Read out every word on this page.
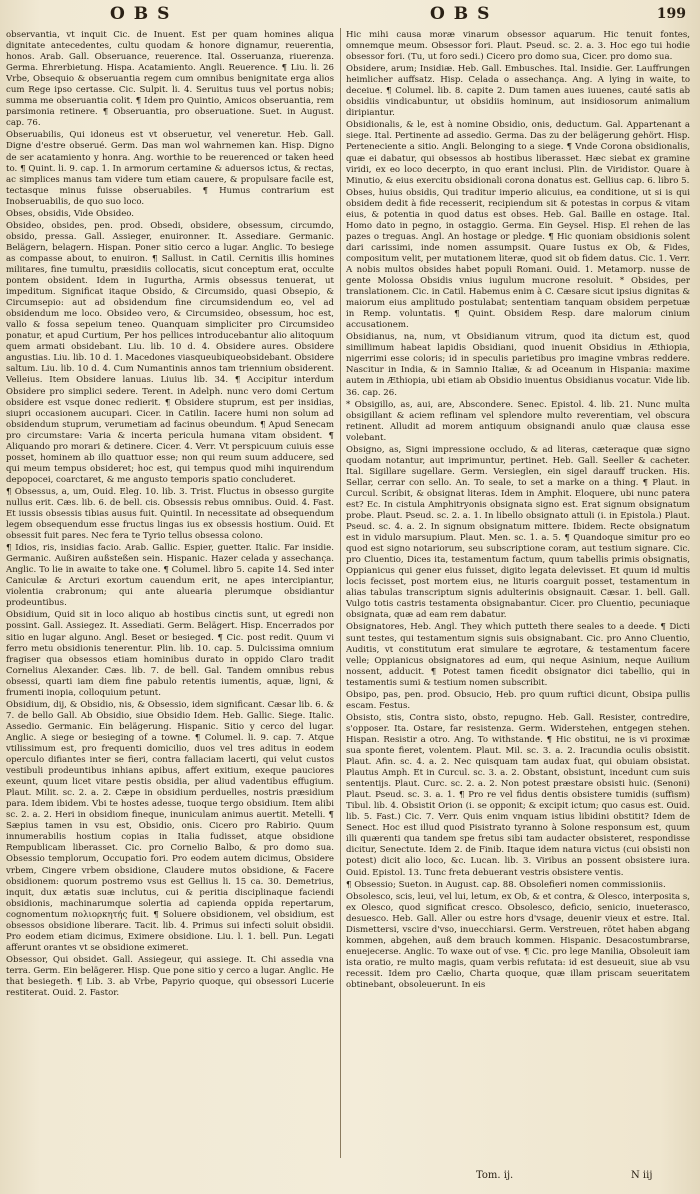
OBS	OBS	199

observantia, vt inquit Cic. de Inuent. Est per quam homines aliqua dignitate antecedentes, cultu quodam & honore dignamur, reuerentia, honos. Arab. Gall. Obseruance, reuerence. Ital. Osseruanza, riuerenza. Germa. Ehrerbietung. Hispa. Acatamiento. Angli. Reuerence. ¶ Liu. li. 26 Vrbe, Obsequio & obseruantia regem cum omnibus benignitate erga alios cum Rege ipso certasse. Cic. Sulpit. li. 4. Seruitus tuus vel portus nobis; summa me obseruantia colit. ¶ Idem pro Quintio, Amicos obseruantia, rem parsimonia retinere. ¶ Obseruantia, pro obseruatione. Suet. in August. cap. 76.

Obseruabilis, Qui idoneus est vt obseruetur, vel veneretur. Heb. Gall. Digne d'estre obserué. Germ. Das man wol wahrnemen kan. Hisp. Digno de ser acatamiento y honra. Ang. worthie to be reuerenced or taken heed to. ¶ Quint. li. 9. cap. 1. In armorum certamine & aduersos ictus, & rectas, ac simplices manus tam videre tum etiam cauere, & propulsare facile est, tectasque minus fuisse obseruabiles. ¶ Humus contrarium est Inobseruabilis, de quo suo loco.

Obses, obsidis, Vide Obsideo.

Obsideo, obsides, pen. prod. Obsedi, obsidere, obsessum, circumdo, obsido, pressa. Gall. Assieger, enuironner. It. Assediare. Germanic. Belägern, belagern. Hispan. Poner sitio cerco a lugar. Anglic. To besiege as compasse about, to enuiron. ¶ Sallust. in Catil. Cernitis illis homines militares, fine tumultu, præsidiis collocatis, sicut conceptum erat, occulte pontem obsident. Idem in Iugurtha, Armis obsessus tenuerat, ut impeditum. Significat itaque Obsido, & Circumsido, quasi Obsepio, & Circumsepio: aut ad obsidendum fine circumsidendum eo, vel ad obsidendum me loco. Obsideo vero, & Circumsideo, obsessum, hoc est, vallo & fossa sepeium teneo. Quanquam simpliciter pro Circumsideo ponatur, et apud Curtium, Per hos pellices introducebantur alio alitoquum quem armati obsidebant. Liu. lib. 10 d. 4. Obsidere aures. Obsidere angustias. Liu. lib. 10 d. 1. Macedones viasqueubiqueobsidebant. Obsidere saltum. Liu. lib. 10 d. 4. Cum Numantinis annos tam triennium obsiderent. Velleius. Item Obsidere lanuas. Liuius lib. 34. ¶ Accipitur interdum Obsidere pro simplici sedere. Terent. in Adelph. nunc vero domi Certum obsidere est vsque donec redierit. ¶ Obsidere stuprum, est per insidias, siupri occasionem aucupari. Cicer. in Catilin. Iacere humi non solum ad obsidendum stuprum, verumetiam ad facinus obeundum. ¶ Apud Senecam pro circumstare: Varia & incerta pericula humana vitam obsident. ¶ Aliquando pro morari & detinere. Cicer. 4. Verr. Vt perspicuum cuiuis esse posset, hominem ab illo quattuor esse; non qui reum suum adducere, sed qui meum tempus obsideret; hoc est, qui tempus quod mihi inquirendum depopocei, coarctaret, & me angusto temporis spatio concluderet.

¶ Obsessus, a, um, Ouid. Eleg. 10. lib. 3. Trist. Fluctus in obsesso gurgite nullus erit. Cæs. lib. 6. de bell. cis. Obsessis rebus omnibus. Ouid. 4. Fast. Et iussis obsessis tibias ausus fuit. Quintil. In necessitate ad obsequendum legem obsequendum esse fructus lingas ius ex obsessis hostium. Ouid. Et obsessit fuit pares. Nec fera te Tyrio tellus obsessa colono.

¶ Idios, ris, insidias facio. Arab. Gallic. Espier, guetter. Italic. Far insidie. Germanic. Außiren außsteßen sein. Hispanic. Hazer celada y assechança. Anglic. To lie in awaite to take one. ¶ Columel. libro 5. capite 14. Sed inter Caniculæ & Arcturi exortum cauendum erit, ne apes intercipiantur, violentia crabronum; qui ante aluearia plerumque obsidiantur prodeuntibus.

Obsidium, Quid sit in loco aliquo ab hostibus cinctis sunt, ut egredi non possint. Gall. Assiegez. It. Assediati. Germ. Belägert. Hisp. Encerrados por sitio en lugar alguno. Angl. Beset or besieged. ¶ Cic. post redit. Quum vi ferro metu obsidionis tenerentur. Plin. lib. 10. cap. 5. Dulcissima omnium fragiser qua obsessos etiam hominibus durato in oppido Claro tradit Cornelius Alexander. Cæs. lib. 7. de bell. Gal. Tandem omnibus rebus obsessi, quarti iam diem fine pabulo retentis iumentis, aquæ, ligni, & frumenti inopia, colloquium petunt.

Obsidium, dij, & Obsidio, nis, & Obsessio, idem significant. Cæsar lib. 6. & 7. de bello Gall. Ab Obsidio, siue Obsidio Idem. Heb. Gallic. Siege. Italic. Assedio. Germanic. Ein belägerung. Hispanic. Sitio y cerco del lugar. Anglic. A siege or besieging of a towne. ¶ Columel. li. 9. cap. 7. Atque vtilissimum est, pro frequenti domicilio, duos vel tres aditus in eodem operculo difiantes inter se fieri, contra fallaciam lacerti, qui velut custos vestibuli prodeuntibus inhians apibus, affert exitium, exeque pauciores exeunt, quum licet vitare pestis obsidia, per aliud vadentibus effugium. Plaut. Milit. sc. 2. a. 2. Cæpe in obsidium perduelles, nostris præsidium para. Idem ibidem. Vbi te hostes adesse, tuoque tergo obsidium. Item alibi sc. 2. a. 2. Heri in obsidiom fineque, inuniculam animus auertit. Metelli. ¶ Sæpius tamen in vsu est, Obsidio, onis. Cicero pro Rabirio. Quum innumerabilis hostium copias in Italia fudisset, atque obsidione Rempublicam liberasset. Cic. pro Cornelio Balbo, & pro domo sua. Obsessio templorum, Occupatio fori. Pro eodem autem dicimus, Obsidere vrbem, Cingere vrbem obsidione, Claudere mutos obsidione, & Facere obsidionem: quorum postremo vsus est Gellius li. 15 ca. 30. Demetrius, inquit, dux ætatis suæ inclutus, cui & peritia disciplinaque faciendi obsidionis, machinarumque solertia ad capienda oppida repertarum, cognomentum πολιορκητής fuit. ¶ Soluere obsidionem, vel obsidium, est obsessos obsidione liberare. Tacit. lib. 4. Primus sui infecti soluit obsidii. Pro eodem etiam dicimus, Eximere obsidione. Liu. l. 1. bell. Pun. Legati afferunt orantes vt se obsidione eximeret.

Obsessor, Qui obsidet. Gall. Assiegeur, qui assiege. It. Chi assedia vna terra. Germ. Ein belägerer. Hisp. Que pone sitio y cerco a lugar. Anglic. He that besiegeth. ¶ Lib. 3. ab Vrbe, Papyrio quoque, qui obsessori Lucerie restiterat. Ouid. 2. Fastor.

Hic mihi causa moræ vinarum obsessor aquarum. Hic tenuit fontes, omnemque meum. Obsessor fori. Plaut. Pseud. sc. 2. a. 3. Hoc ego tui hodie obsessor fori. (Tu, ut foro sedi.) Cicero pro domo sua, Cicer. pro domo sua.

Obsidere, arum; Insidiæ. Heb. Gall. Embusches. Ital. Insidie. Ger. Lauffrungen heimlicher auffsatz. Hisp. Celada o assechança. Ang. A lying in waite, to deceiue. ¶ Columel. lib. 8. capite 2. Dum tamen aues iuuenes, cauté satis ab obsidiis vindicabuntur, ut obsidiis hominum, aut insidiosorum animalium diripiantur.

Obsidionalis, & le, est à nomine Obsidio, onis, deductum. Gal. Appartenant a siege. Ital. Pertinente ad assedio. Germa. Das zu der belägerung gehört. Hisp. Perteneciente a sitio. Angli. Belonging to a siege. ¶ Vnde Corona obsidionalis, quæ ei dabatur, qui obsessos ab hostibus liberasset. Hæc siebat ex gramine viridi, ex eo loco decerpto, in quo erant inclusi. Plin. de Viridistor. Quare à Minutio, & eius exercitu obsidionali corona donatus est. Gellius cap. 6. libro 5.

Obses, huius obsidis, Qui traditur imperio alicuius, ea conditione, ut si is qui obsidem dedit à fide recesserit, recipiendum sit & potestas in corpus & vitam eius, & potentia in quod datus est obses. Heb. Gal. Baille en ostage. Ital. Homo dato in pegno, in ostaggio. Germa. Ein Geysel. Hisp. El rehen de las pazes o treguas. Angl. An hostage or pledge. ¶ Hic quoniam obsidionis solent dari carissimi, inde nomen assumpsit. Quare Iustus ex Ob, & Fides, compositum velit, per mutationem literæ, quod sit ob fidem datus. Cic. 1. Verr. A nobis multos obsides habet populi Romani. Ouid. 1. Metamorp. nusse de gente Molossa Obsidis vnius iugulum mucrone resoluit. * Obsides, per translationem. Cic. in Catil. Habemus enim à C. Cæsare sicut ipsius dignitas & maiorum eius amplitudo postulabat; sententiam tanquam obsidem perpetuæ in Remp. voluntatis. ¶ Quint. Obsidem Resp. dare malorum cinium accusationem.

Obsidianus, na, num, vt Obsidianum vitrum, quod ita dictum est, quod simillimum habeat lapidis Obsidiani, quod inuenit Obsidius in Æthiopia, nigerrimi esse coloris; id in speculis parietibus pro imagine vmbras reddere. Nascitur in India, & in Samnio Italiæ, & ad Oceanum in Hispania: maxime autem in Æthiopia, ubi etiam ab Obsidio inuentus Obsidianus vocatur. Vide lib. 36. cap. 26.

* Obsigillo, as, aui, are, Abscondere. Senec. Epistol. 4. lib. 21. Nunc multa obsigillant & aciem reflinam vel splendore multo reverentiam, vel obscura retinent. Alludit ad morem antiquum obsignandi anulo quæ clausa esse volebant.

Obsigno, as, Signi impressione occludo, & ad literas, cæteraque quæ signo quodam notantur, aut imprimuntur, pertinet. Heb. Gall. Seeller & cacheter. Ital. Sigillare sugellare. Germ. Versieglen, ein sigel darauff trucken. His. Sellar, cerrar con sello. An. To seale, to set a marke on a thing. ¶ Plaut. in Curcul. Scribit, & obsignat literas. Idem in Amphit. Eloquere, ubi nunc patera est? Ec. In cistula Amphitryonis obsignata signo est. Erat signum obsignatum probe. Plaut. Pseud. sc. 2. a. 1. In libello obsignato attuli (i. in Epistola.) Plaut. Pseud. sc. 4. a. 2. In signum obsignatum mittere. Ibidem. Recte obsignatum est in vidulo marsupium. Plaut. Men. sc. 1. a. 5. ¶ Quandoque simitur pro eo quod est signo notariorum, seu subscriptione coram, aut testium signare. Cic. pro Cluentio, Dices ita, testamentum factum, quum tabellis primis obsignatis, Oppianicus qui gener eius fuisset, digito legata delevisset. Et quum id multis locis fecisset, post mortem eius, ne lituris coarguit posset, testamentum in alias tabulas transcriptum signis adulterinis obsignauit. Cæsar. 1. bell. Gall. Vulgo totis castris testamenta obsignabantur. Cicer. pro Cluentio, pecuniaque obsignata, quæ ad eam rem dabatur.

Obsignatores, Heb. Angl. They which putteth there seales to a deede. ¶ Dicti sunt testes, qui testamentum signis suis obsignabant. Cic. pro Anno Cluentio, Auditis, vt constitutum erat simulare te ægrotare, & testamentum facere velle; Oppianicus obsignatores ad eum, qui neque Asinium, neque Auilium nossent, adducit. ¶ Potest tamen ficedit obsignator dici tabellio, qui in testamentis sumi & testium nomen subscribit.

Obsipo, pas, pen. prod. Obsucio, Heb. pro quum ruftici dicunt, Obsipa pullis escam. Festus.

Obsisto, stis, Contra sisto, obsto, repugno. Heb. Gall. Resister, contredire, s'opposer. Ita. Ostare, far resistenza. Germ. Widerstehen, entgegen stehen. Hispan. Resistir a otro. Ang. To withstande. ¶ Hic obstitui, ne is vi proximæ sua sponte fieret, volentem. Plaut. Mil. sc. 3. a. 2. Iracundia oculis obsistit. Plaut. Afin. sc. 4. a. 2. Nec quisquam tam audax fuat, qui obuiam obsistat. Plautus Amph. Et in Curcul. sc. 3. a. 2. Obstant, obsistunt, incedunt cum suis sententijs. Plaut. Curc. sc. 2. a. 2. Non potest præstare obsisti huic. (Senoni) Plaut. Pseud. sc. 3. a. 1. ¶ Pro re vel fidus dentis obsistere tumidis (suffism) Tibul. lib. 4. Obsistit Orion (i. se opponit; & excipit ictum; quo casus est. Ouid. lib. 5. Fast.) Cic. 7. Verr. Quis enim vnquam istius libidini obstitit? Idem de Senect. Hoc est illud quod Pisistrato tyranno à Solone responsum est, quum illi quærenti qua tandem spe fretus sibi tam audacter obsisteret, respondisse dicitur, Senectute. Idem 2. de Finib. Itaque idem natura victus (cui obsisti non potest) dicit alio loco, &c. Lucan. lib. 3. Viribus an possent obsistere iura. Ouid. Epistol. 13. Tunc freta debuerant vestris obsistere ventis.

¶ Obsessio; Sueton. in August. cap. 88. Obsolefieri nomen commissioniis.

Obsolesco, scis, leui, vel lui, letum, ex Ob, & et contra, & Olesco, interposita s, ex Olesco, quod significat cresco. Obsolesco, deficio, senicio, inueterasco, desuesco. Heb. Gall. Aller ou estre hors d'vsage, deuenir vieux et estre. Ital. Dismettersi, vscire d'vso, inuecchiarsi. Germ. Verstreuen, rötet haben abgang kommen, abgehen, auß dem brauch kommen. Hispanic. Desacostumbrarse, enuejecerse. Anglic. To waxe out of vse. ¶ Cic. pro lege Manilia, Obsoleuit iam ista oratio, re multo magis, quam verbis refutata: id est desueuit, siue ab vsu recessit. Idem pro Cælio, Charta quoque, quæ illam priscam seueritatem obtinebant, obsoleuerunt. In eis

Tom. ij.	N iij
